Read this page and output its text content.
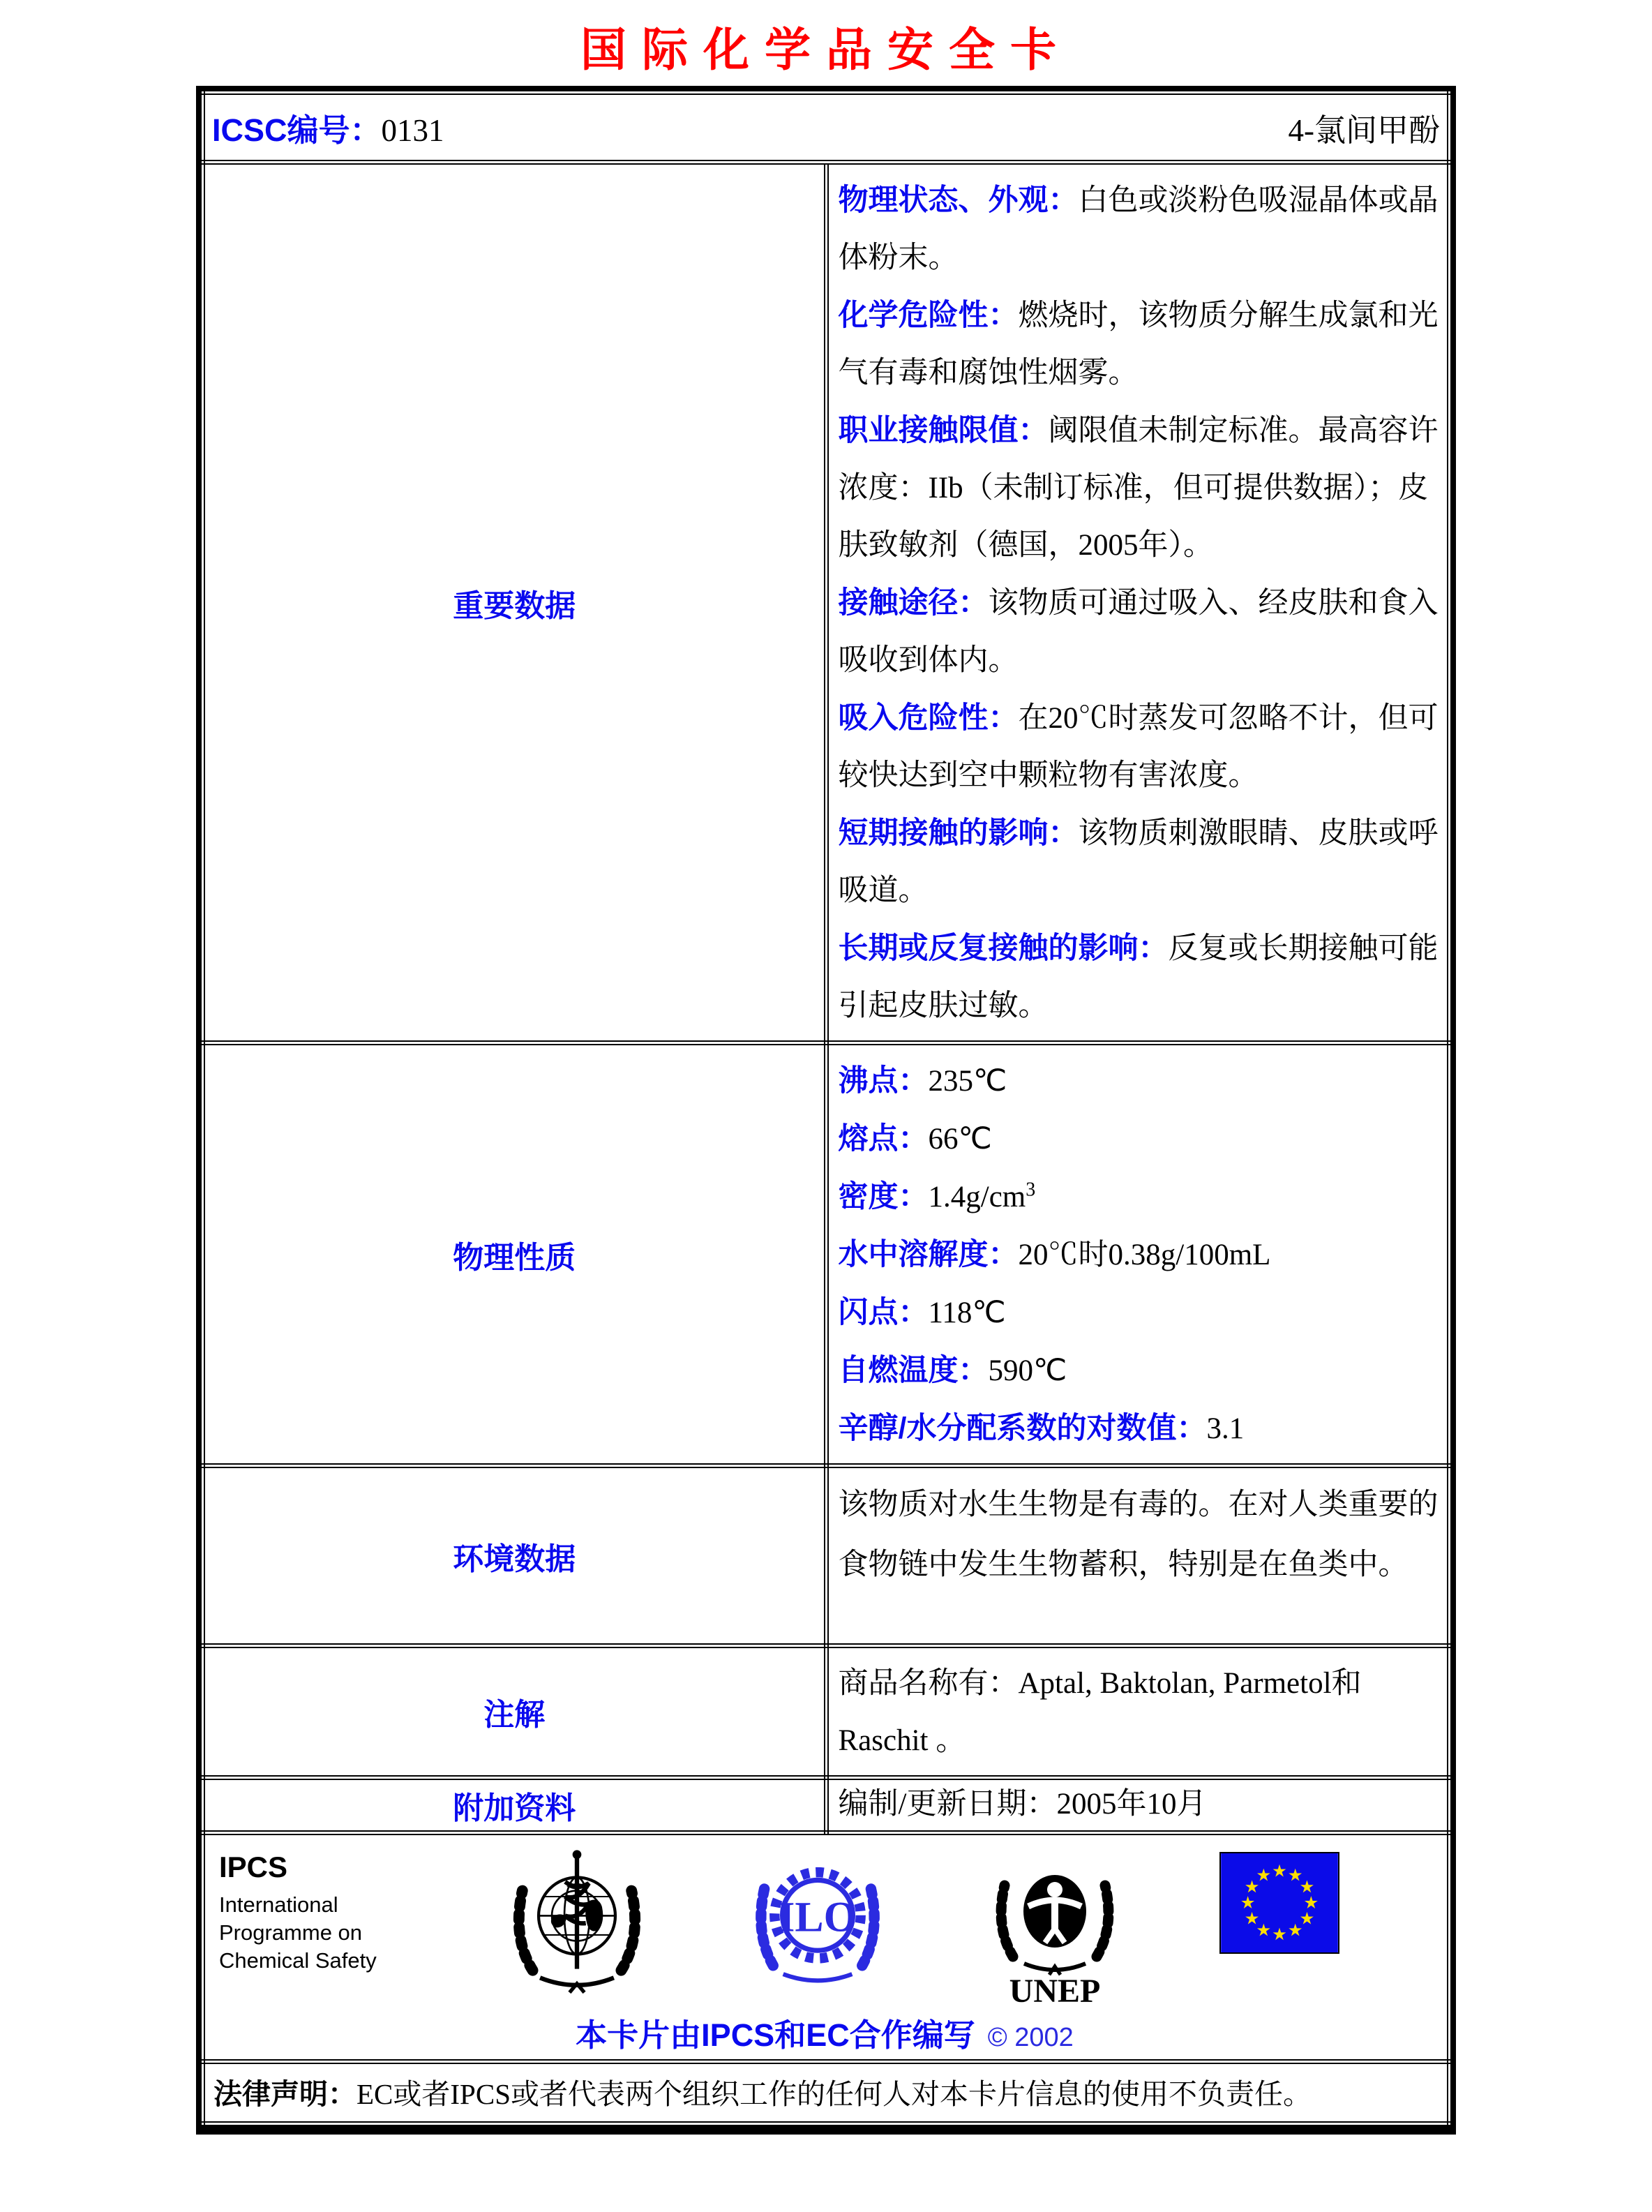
国际化学品安全卡
ICSC编号：0131 4-氯间甲酚	

重要数据	
物理状态、外观：白色或淡粉色吸湿晶体或晶体粉末。
化学危险性：燃烧时，该物质分解生成氯和光气有毒和腐蚀性烟雾。
职业接触限值：阈限值未制定标准。最高容许浓度：IIb（未制订标准，但可提供数据）；皮肤致敏剂（德国，2005年）。
接触途径：该物质可通过吸入、经皮肤和食入吸收到体内。
吸入危险性：在20℃时蒸发可忽略不计，但可较快达到空中颗粒物有害浓度。
短期接触的影响：该物质刺激眼睛、皮肤或呼吸道。
长期或反复接触的影响：反复或长期接触可能引起皮肤过敏。

物理性质	
沸点：235℃
熔点：66℃
密度：$1.4g/cm^3$
水中溶解度：20℃时0.38g/100mL
闪点：118℃
自燃温度：590℃
辛醇/水分配系数的对数值：3.1

环境数据	该物质对水生生物是有毒的。在对人类重要的食物链中发生生物蓄积，特别是在鱼类中。

注解	商品名称有：Aptal, Baktolan, Parmetol和 Raschit 。

附加资料	编制/更新日期：2005年10月

IPCS
International
Programme on
Chemical Safety
ILO
UNEP
本卡片由IPCS和EC合作编写 © 2002

法律声明：EC或者IPCS或者代表两个组织工作的任何人对本卡片信息的使用不负责任。	
